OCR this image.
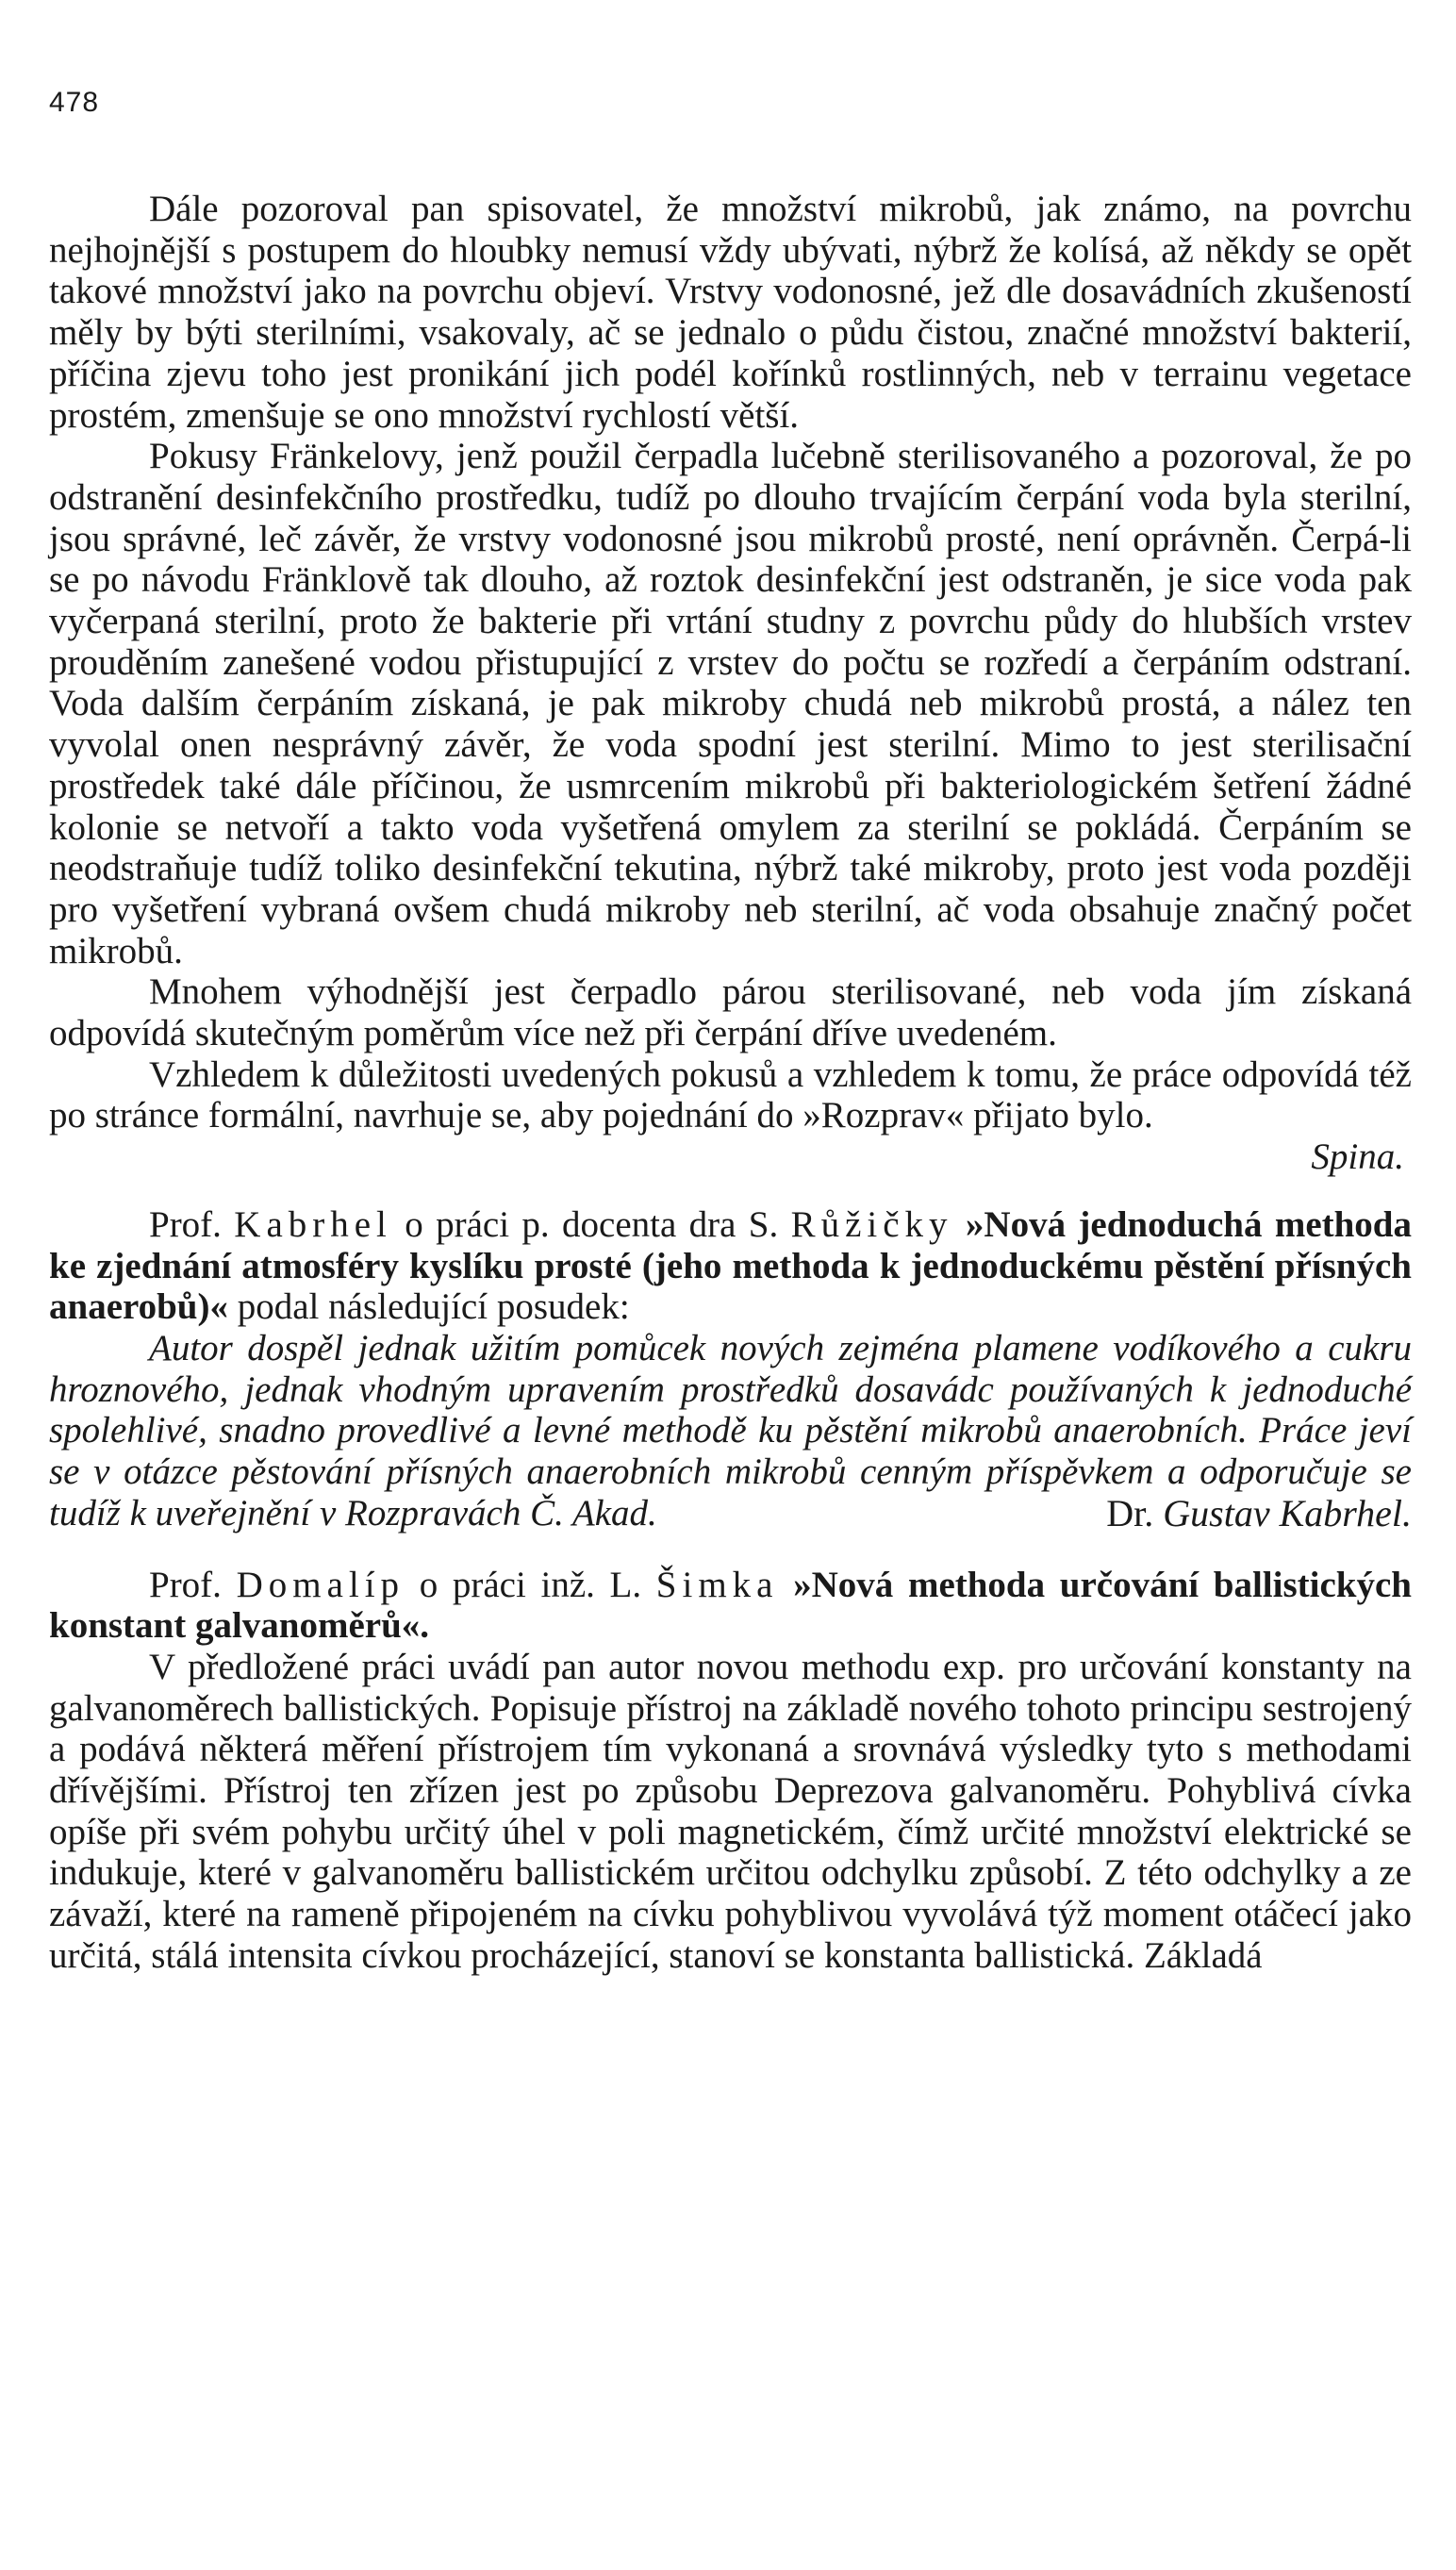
478

Dále pozoroval pan spisovatel, že množství mikrobů, jak známo, na povrchu nejhojnější s postupem do hloubky nemusí vždy ubývati, nýbrž že kolísá, až někdy se opět takové množství jako na povrchu objeví. Vrstvy vodonosné, jež dle dosavádních zkušeností měly by býti sterilními, vsakovaly, ač se jednalo o půdu čistou, značné množství bakterií, příčina zjevu toho jest pronikání jich podél kořínků rostlinných, neb v terrainu vegetace prostém, zmenšuje se ono množství rychlostí větší.

Pokusy Fränkelovy, jenž použil čerpadla lučebně sterilisovaného a pozoroval, že po odstranění desinfekčního prostředku, tudíž po dlouho trvajícím čerpání voda byla sterilní, jsou správné, leč závěr, že vrstvy vodonosné jsou mikrobů prosté, není oprávněn. Čerpá-li se po návodu Fränklově tak dlouho, až roztok desinfekční jest odstraněn, je sice voda pak vyčerpaná sterilní, proto že bakterie při vrtání studny z povrchu půdy do hlubších vrstev prouděním zanešené vodou přistupující z vrstev do počtu se rozředí a čerpáním odstraní. Voda dalším čerpáním získaná, je pak mikroby chudá neb mikrobů prostá, a nález ten vyvolal onen nesprávný závěr, že voda spodní jest sterilní. Mimo to jest sterilisační prostředek také dále příčinou, že usmrcením mikrobů při bakteriologickém šetření žádné kolonie se netvoří a takto voda vyšetřená omylem za sterilní se pokládá. Čerpáním se neodstraňuje tudíž toliko desinfekční tekutina, nýbrž také mikroby, proto jest voda později pro vyšetření vybraná ovšem chudá mikroby neb sterilní, ač voda obsahuje značný počet mikrobů.

Mnohem výhodnější jest čerpadlo párou sterilisované, neb voda jím získaná odpovídá skutečným poměrům více než při čerpání dříve uvedeném.

Vzhledem k důležitosti uvedených pokusů a vzhledem k tomu, že práce odpovídá též po stránce formální, navrhuje se, aby pojednání do »Rozprav« přijato bylo.

Spina.

Prof. Kabrhel o práci p. docenta dra S. Růžičky »Nová jednoduchá methoda ke zjednání atmosféry kyslíku prosté (jeho methoda k jednoduckému pěstění přísných anaerobů)« podal následující posudek:

Autor dospěl jednak užitím pomůcek nových zejména plamene vodíkového a cukru hroznového, jednak vhodným upravením prostředků dosavádc používaných k jednoduché spolehlivé, snadno provedlivé a levné methodě ku pěstění mikrobů anaerobních. Práce jeví se v otázce pěstování přísných anaerobních mikrobů cenným příspěvkem a odporučuje se tudíž k uveřejnění v Rozpravách Č. Akad.	Dr. Gustav Kabrhel.

Prof. Domalíp o práci inž. L. Šimka »Nová methoda určování ballistických konstant galvanoměrů«.

V předložené práci uvádí pan autor novou methodu exp. pro určování konstanty na galvanoměrech ballistických. Popisuje přístroj na základě nového tohoto principu sestrojený a podává některá měření přístrojem tím vykonaná a srovnává výsledky tyto s methodami dřívějšími. Přístroj ten zřízen jest po způsobu Deprezova galvanoměru. Pohyblivá cívka opíše při svém pohybu určitý úhel v poli magnetickém, čímž určité množství elektrické se indukuje, které v galvanoměru ballistickém určitou odchylku způsobí. Z této odchylky a ze závaží, které na rameně připojeném na cívku pohyblivou vyvolává týž moment otáčecí jako určitá, stálá intensita cívkou procházející, stanoví se konstanta ballistická. Základá
